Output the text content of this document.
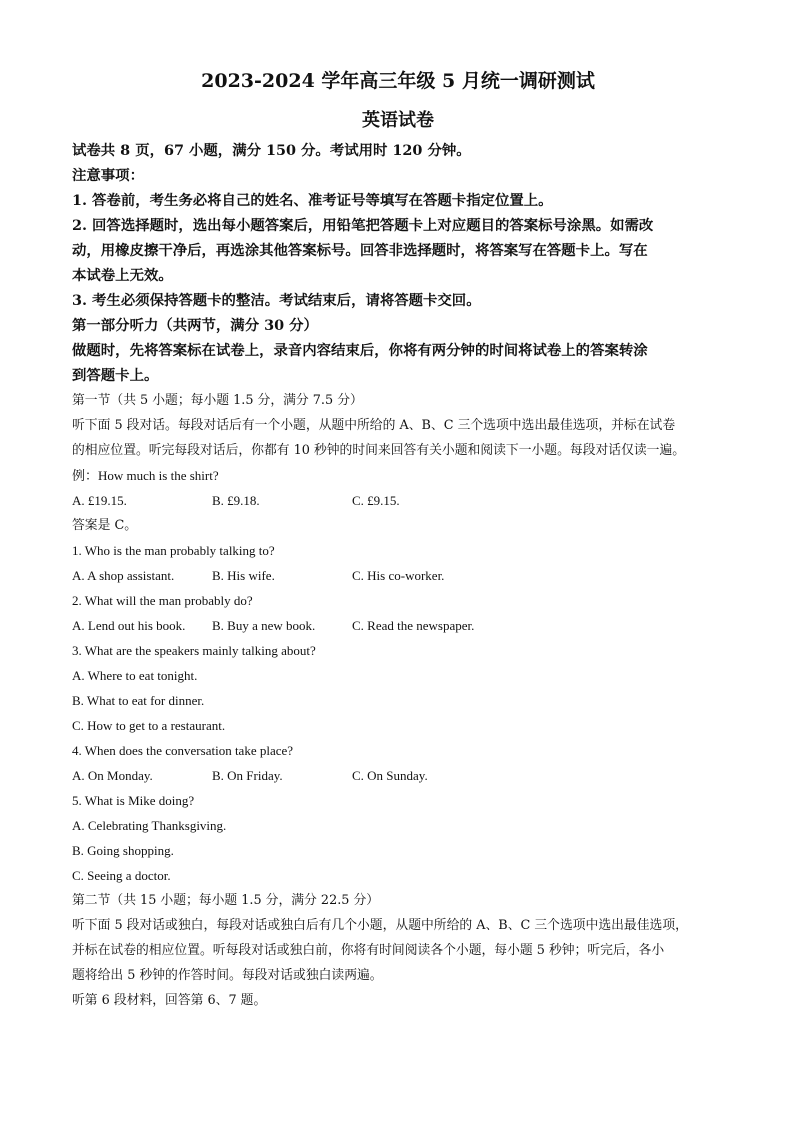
2023-2024 学年高三年级 5 月统一调研测试

英语试卷

试卷共 8 页，67 小题，满分 150 分。考试用时 120 分钟。

注意事项：

1. 答卷前，考生务必将自己的姓名、准考证号等填写在答题卡指定位置上。

2. 回答选择题时，选出每小题答案后，用铅笔把答题卡上对应题目的答案标号涂黑。如需改

动，用橡皮擦干净后，再选涂其他答案标号。回答非选择题时，将答案写在答题卡上。写在

本试卷上无效。

3. 考生必须保持答题卡的整洁。考试结束后，请将答题卡交回。

第一部分听力（共两节，满分 30 分）

做题时，先将答案标在试卷上，录音内容结束后，你将有两分钟的时间将试卷上的答案转涂

到答题卡上。

第一节（共 5 小题；每小题 1.5 分，满分 7.5 分）

听下面 5 段对话。每段对话后有一个小题，从题中所给的 A、B、C 三个选项中选出最佳选项，并标在试卷

的相应位置。听完每段对话后，你都有 10 秒钟的时间来回答有关小题和阅读下一小题。每段对话仅读一遍。

例：How much is the shirt?

A. £19.15.	B. £9.18.	C. £9.15.

答案是 C。

1. Who is the man probably talking to?

A. A shop assistant.	B. His wife.	C. His co-worker.

2. What will the man probably do?

A. Lend out his book.	B. Buy a new book.	C. Read the newspaper.

3. What are the speakers mainly talking about?

A. Where to eat tonight.

B. What to eat for dinner.

C. How to get to a restaurant.

4. When does the conversation take place?

A. On Monday.	B. On Friday.	C. On Sunday.

5. What is Mike doing?

A. Celebrating Thanksgiving.

B. Going shopping.

C. Seeing a doctor.

第二节（共 15 小题；每小题 1.5 分，满分 22.5 分）

听下面 5 段对话或独白，每段对话或独白后有几个小题，从题中所给的 A、B、C 三个选项中选出最佳选项，

并标在试卷的相应位置。听每段对话或独白前，你将有时间阅读各个小题，每小题 5 秒钟；听完后，各小

题将给出 5 秒钟的作答时间。每段对话或独白读两遍。

听第 6 段材料，回答第 6、7 题。
